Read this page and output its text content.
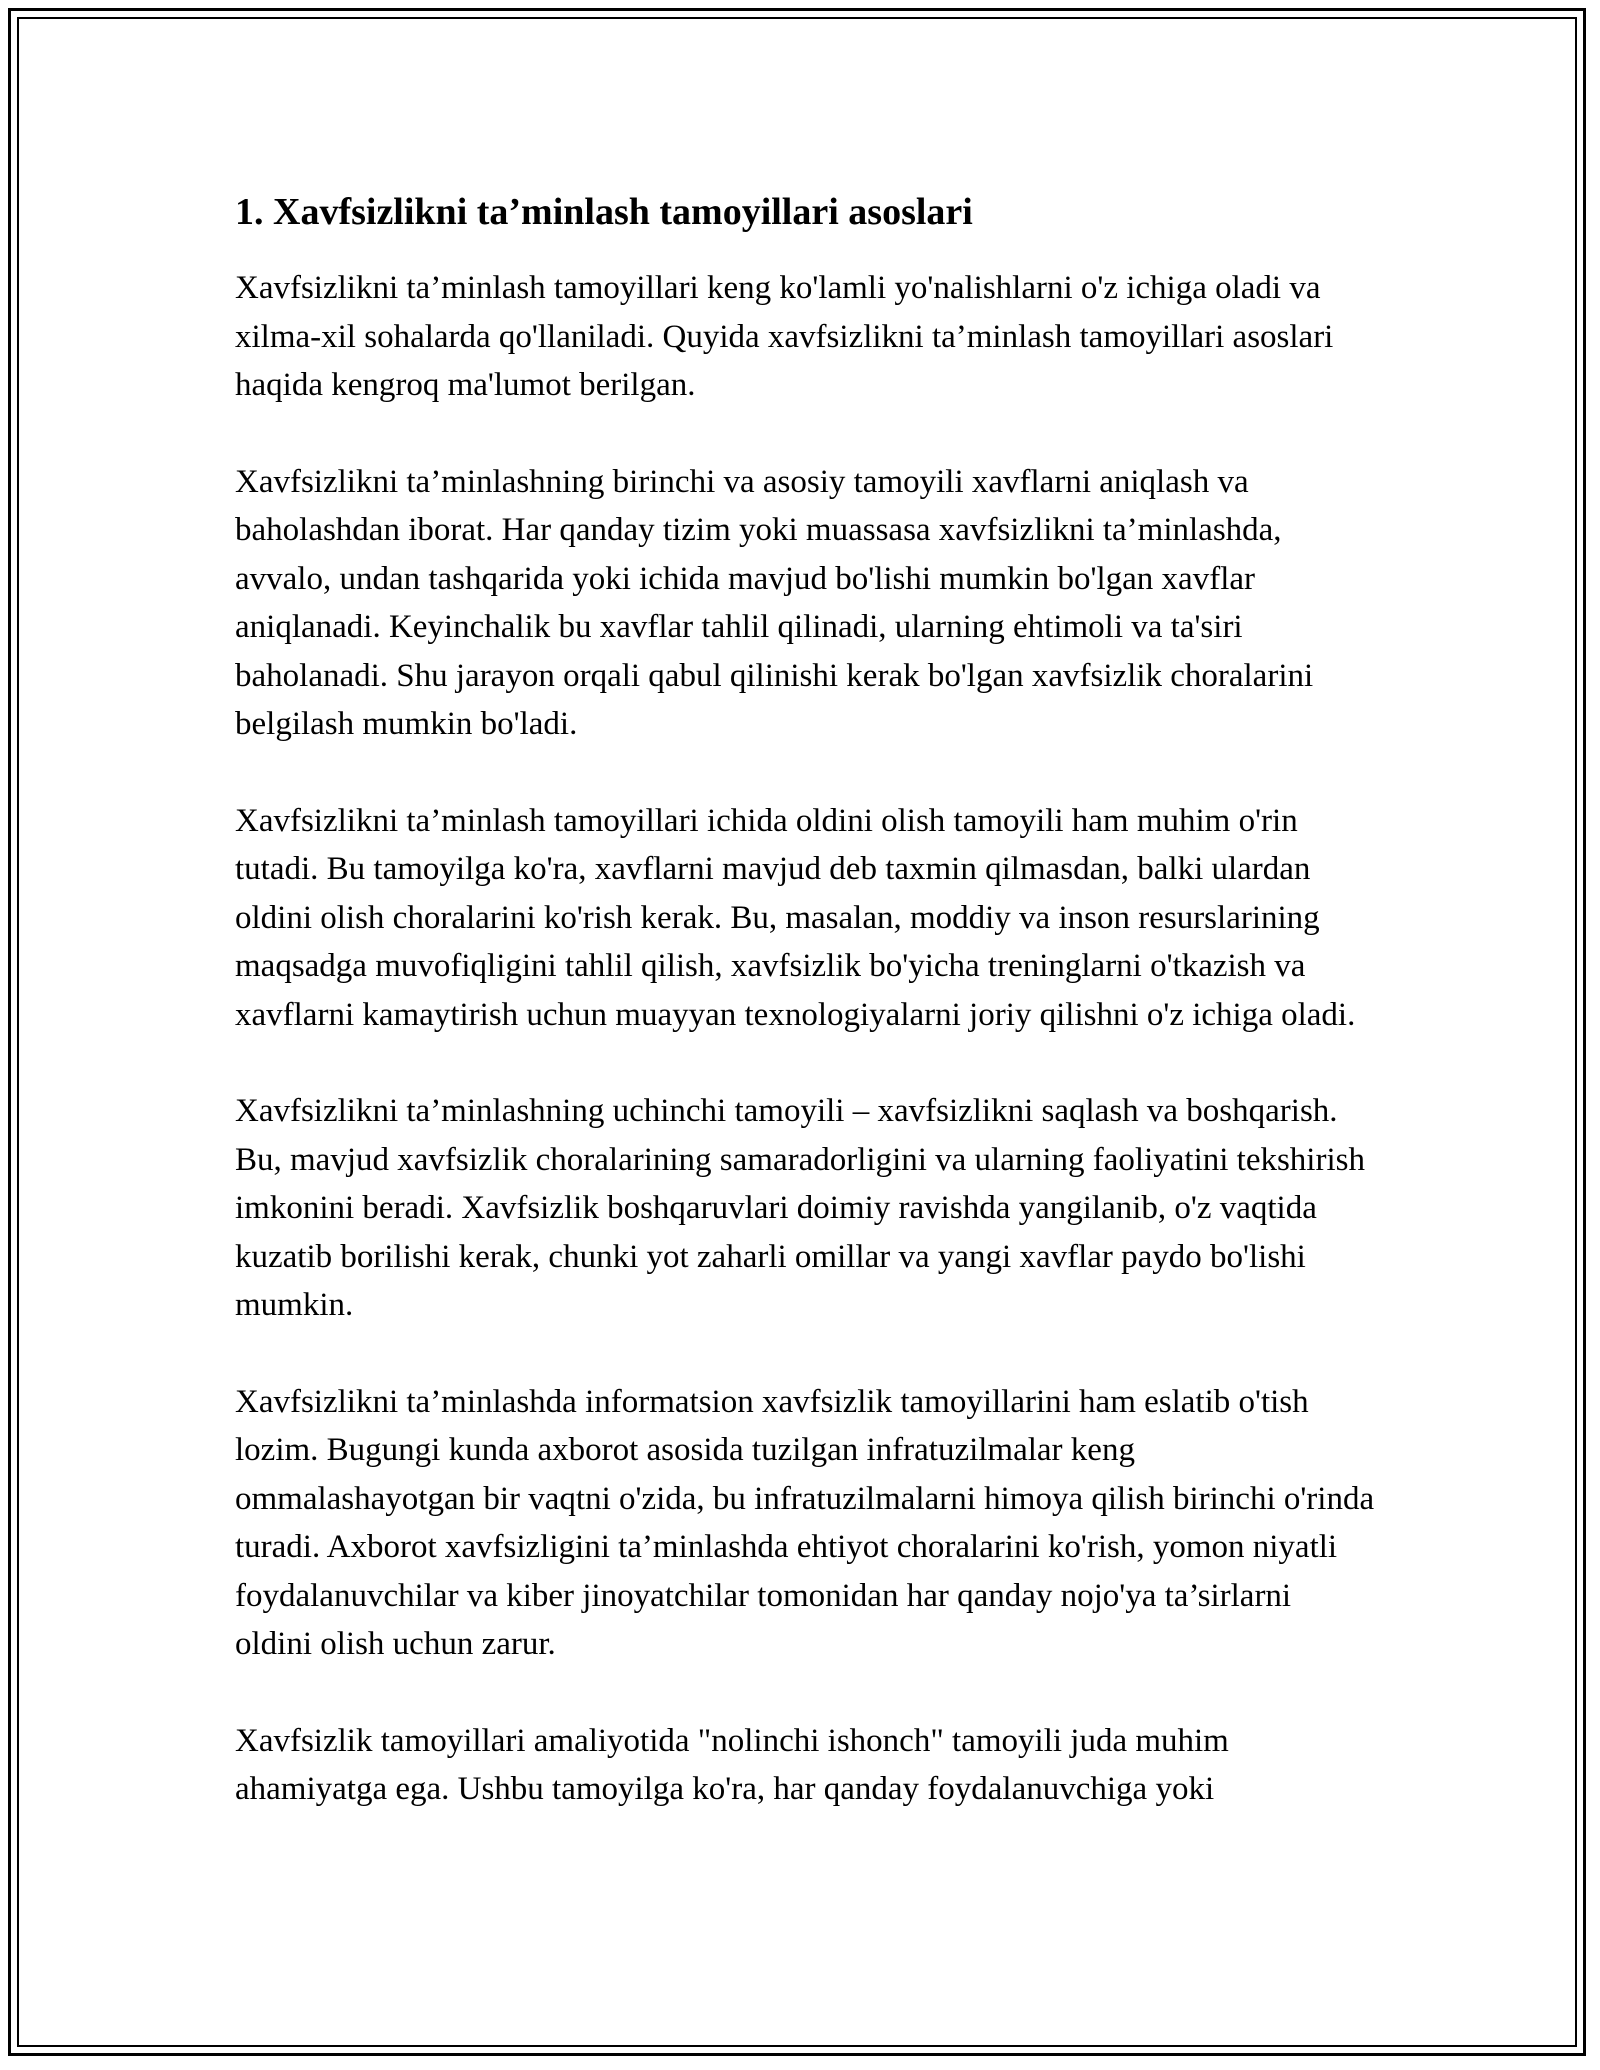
1. Xavfsizlikni ta’minlash tamoyillari asoslari

Xavfsizlikni ta’minlash tamoyillari keng ko'lamli yo'nalishlarni o'z ichiga oladi va xilma-xil sohalarda qo'llaniladi. Quyida xavfsizlikni ta’minlash tamoyillari asoslari haqida kengroq ma'lumot berilgan.

Xavfsizlikni ta’minlashning birinchi va asosiy tamoyili xavflarni aniqlash va baholashdan iborat. Har qanday tizim yoki muassasa xavfsizlikni ta’minlashda, avvalo, undan tashqarida yoki ichida mavjud bo'lishi mumkin bo'lgan xavflar aniqlanadi. Keyinchalik bu xavflar tahlil qilinadi, ularning ehtimoli va ta'siri baholanadi. Shu jarayon orqali qabul qilinishi kerak bo'lgan xavfsizlik choralarini belgilash mumkin bo'ladi.

Xavfsizlikni ta’minlash tamoyillari ichida oldini olish tamoyili ham muhim o'rin tutadi. Bu tamoyilga ko'ra, xavflarni mavjud deb taxmin qilmasdan, balki ulardan oldini olish choralarini ko'rish kerak. Bu, masalan, moddiy va inson resurslarining maqsadga muvofiqligini tahlil qilish, xavfsizlik bo'yicha treninglarni o'tkazish va xavflarni kamaytirish uchun muayyan texnologiyalarni joriy qilishni o'z ichiga oladi.

Xavfsizlikni ta’minlashning uchinchi tamoyili – xavfsizlikni saqlash va boshqarish. Bu, mavjud xavfsizlik choralarining samaradorligini va ularning faoliyatini tekshirish imkonini beradi. Xavfsizlik boshqaruvlari doimiy ravishda yangilanib, o'z vaqtida kuzatib borilishi kerak, chunki yot zaharli omillar va yangi xavflar paydo bo'lishi mumkin.

Xavfsizlikni ta’minlashda informatsion xavfsizlik tamoyillarini ham eslatib o'tish lozim. Bugungi kunda axborot asosida tuzilgan infratuzilmalar keng ommalashayotgan bir vaqtni o'zida, bu infratuzilmalarni himoya qilish birinchi o'rinda turadi. Axborot xavfsizligini ta’minlashda ehtiyot choralarini ko'rish, yomon niyatli foydalanuvchilar va kiber jinoyatchilar tomonidan har qanday nojo'ya ta’sirlarni oldini olish uchun zarur.

Xavfsizlik tamoyillari amaliyotida "nolinchi ishonch" tamoyili juda muhim ahamiyatga ega. Ushbu tamoyilga ko'ra, har qanday foydalanuvchiga yoki
